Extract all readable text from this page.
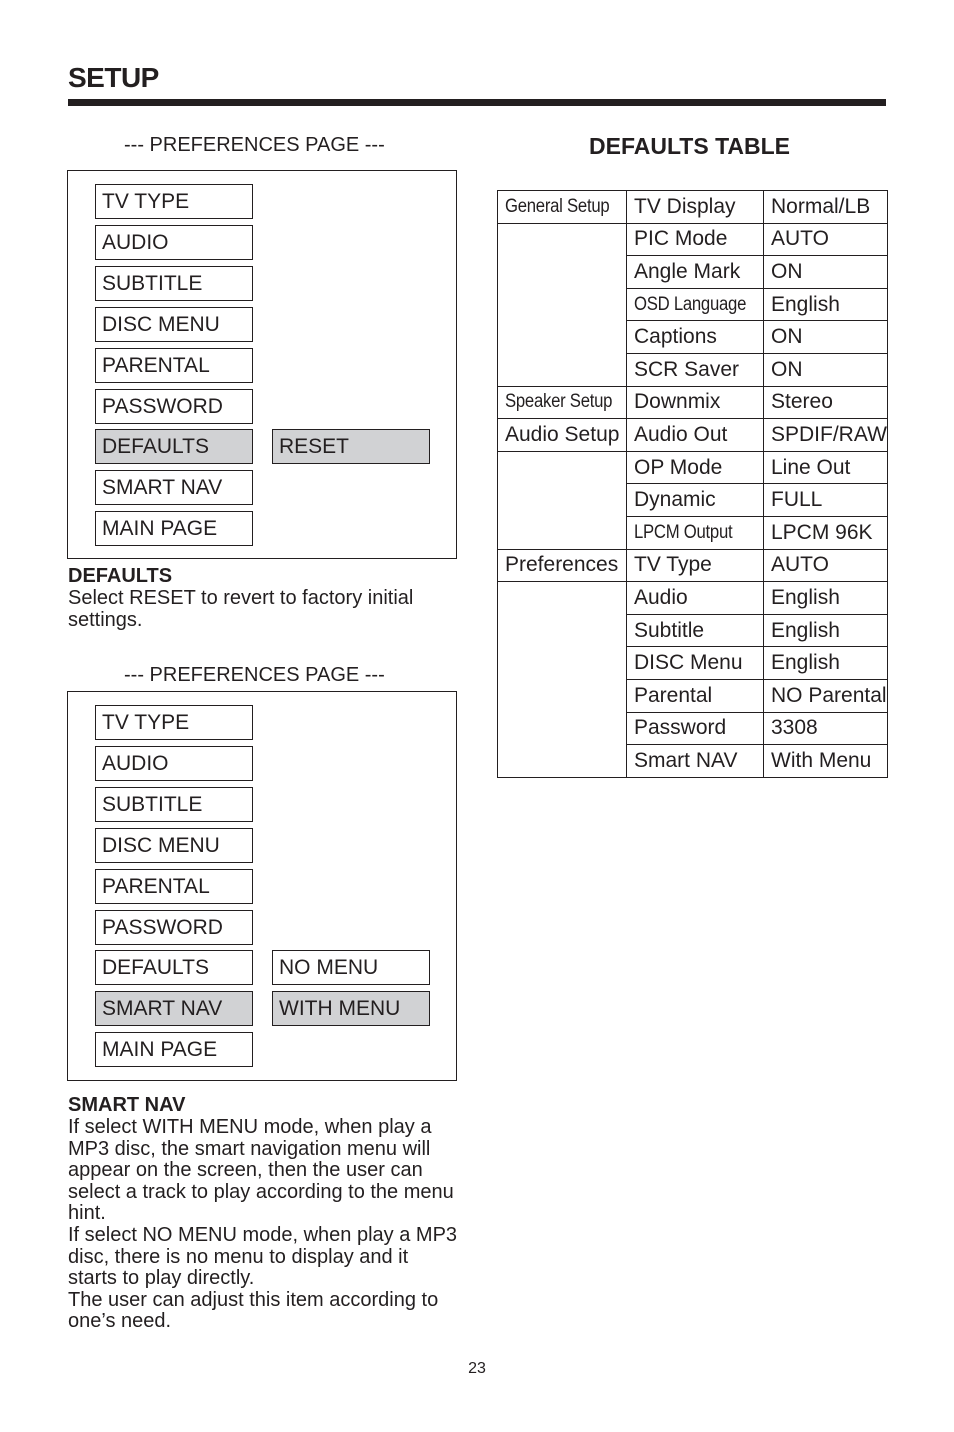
SETUP
--- PREFERENCES PAGE ---
TV TYPE
AUDIO
SUBTITLE
DISC MENU
PARENTAL
PASSWORD
DEFAULTS
SMART NAV
MAIN PAGE
RESET
DEFAULTS
Select RESET to revert to factory initial settings.
--- PREFERENCES PAGE ---
TV TYPE
AUDIO
SUBTITLE
DISC MENU
PARENTAL
PASSWORD
DEFAULTS
SMART NAV
MAIN PAGE
NO MENU
WITH MENU
SMART NAV
If select WITH MENU mode, when play a MP3 disc, the smart navigation menu will appear on the screen, then the user can select a track to play according to the menu hint.
If select NO MENU mode, when play a MP3 disc, there is no menu to display and it starts to play directly.
The user can adjust this item according to one’s need.
DEFAULTS TABLE
General Setup	TV Display	Normal/LB
	PIC Mode	AUTO
	Angle Mark	ON
	OSD Language	English
	Captions	ON
	SCR Saver	ON
Speaker Setup	Downmix	Stereo
Audio Setup	Audio Out	SPDIF/RAW
	OP Mode	Line Out
	Dynamic	FULL
	LPCM Output	LPCM 96K
Preferences	TV Type	AUTO
	Audio	English
	Subtitle	English
	DISC Menu	English
	Parental	NO Parental
	Password	3308
	Smart NAV	With Menu
23
